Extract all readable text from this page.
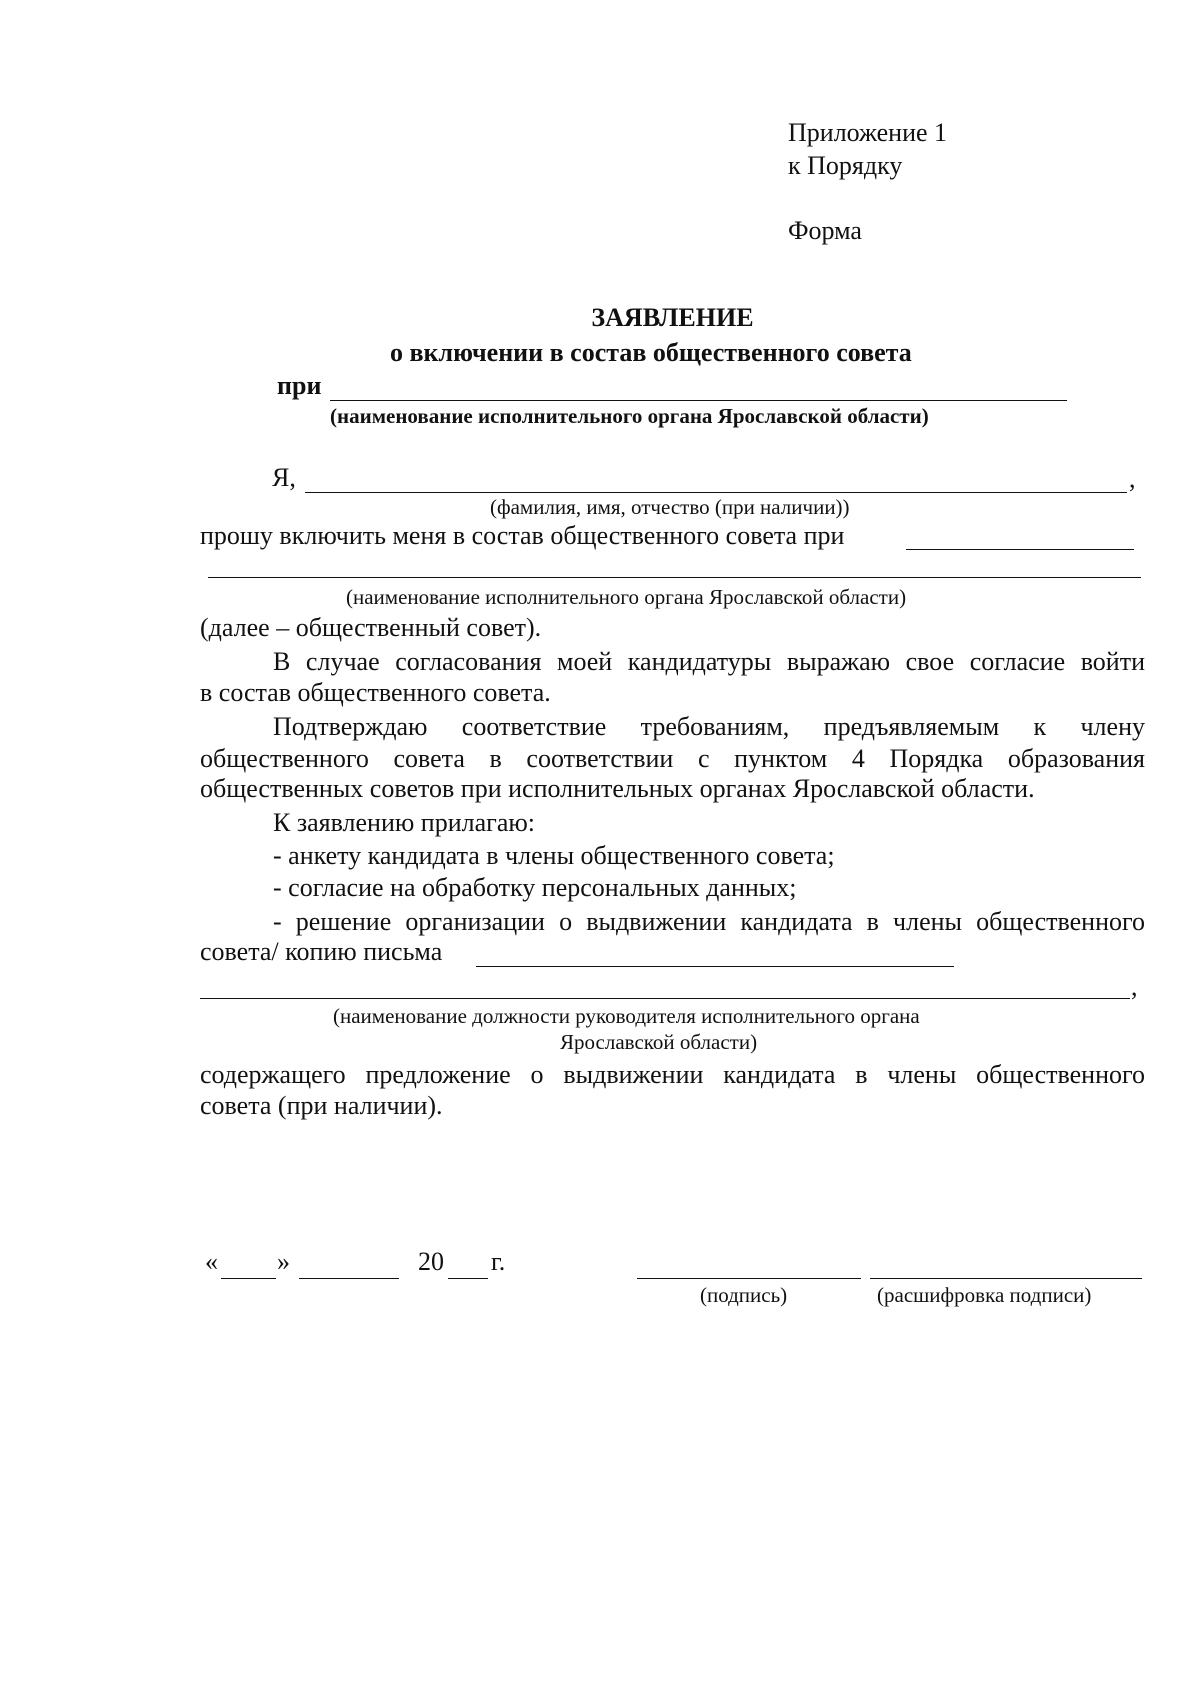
Приложение 1
к Порядку
Форма
ЗАЯВЛЕНИЕ
о включении в состав общественного совета
при
(наименование исполнительного органа Ярославской области)
Я,	,
(фамилия, имя, отчество (при наличии))
прошу включить меня в состав общественного совета при
(наименование исполнительного органа Ярославской области)
(далее – общественный совет).
В случае согласования моей кандидатуры выражаю свое согласие войти
в состав общественного совета.
Подтверждаю соответствие требованиям, предъявляемым к члену
общественного совета в соответствии с пунктом 4 Порядка образования
общественных советов при исполнительных органах Ярославской области.
К заявлению прилагаю:
- анкету кандидата в члены общественного совета;
- согласие на обработку персональных данных;
- решение организации о выдвижении кандидата в члены общественного
совета/ копию письма
,
(наименование должности руководителя исполнительного органа
Ярославской области)
содержащего предложение о выдвижении кандидата в члены общественного
совета (при наличии).
« »	20 г.
(подпись)	(расшифровка подписи)
